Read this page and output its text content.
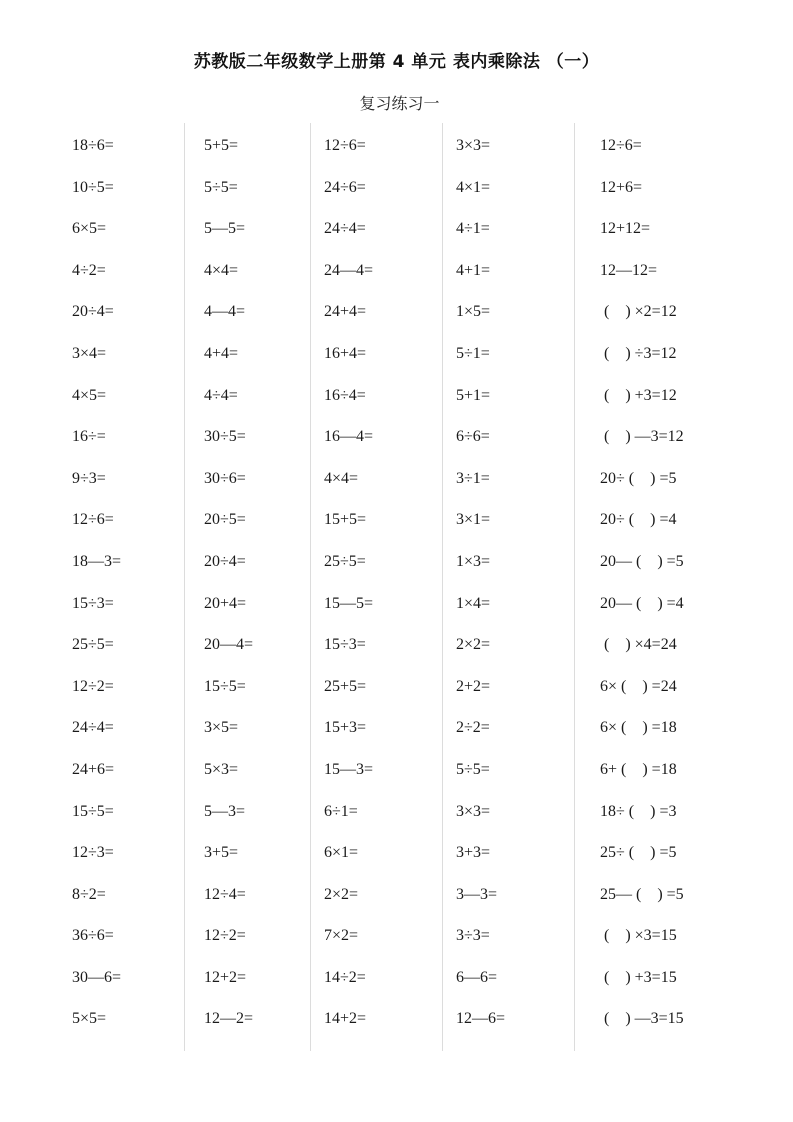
苏教版二年级数学上册第 4 单元 表内乘除法 （一）
复习练习一
18÷6=
10÷5=
6×5=
4÷2=
20÷4=
3×4=
4×5=
16÷=
9÷3=
12÷6=
18—3=
15÷3=
25÷5=
12÷2=
24÷4=
24+6=
15÷5=
12÷3=
8÷2=
36÷6=
30—6=
5×5=
5+5=
5÷5=
5—5=
4×4=
4—4=
4+4=
4÷4=
30÷5=
30÷6=
20÷5=
20÷4=
20+4=
20—4=
15÷5=
3×5=
5×3=
5—3=
3+5=
12÷4=
12÷2=
12+2=
12—2=
12÷6=
24÷6=
24÷4=
24—4=
24+4=
16+4=
16÷4=
16—4=
4×4=
15+5=
25÷5=
15—5=
15÷3=
25+5=
15+3=
15—3=
6÷1=
6×1=
2×2=
7×2=
14÷2=
14+2=
3×3=
4×1=
4÷1=
4+1=
1×5=
5÷1=
5+1=
6÷6=
3÷1=
3×1=
1×3=
1×4=
2×2=
2+2=
2÷2=
5÷5=
3×3=
3+3=
3—3=
3÷3=
6—6=
12—6=
12÷6=
12+6=
12+12=
12—12=
(    ) ×2=12
(    ) ÷3=12
(    ) +3=12
(    ) —3=12
20÷ (    ) =5
20÷ (    ) =4
20— (    ) =5
20— (    ) =4
(    ) ×4=24
6× (    ) =24
6× (    ) =18
6+ (    ) =18
18÷ (    ) =3
25÷ (    ) =5
25— (    ) =5
(    ) ×3=15
(    ) +3=15
(    ) —3=15
